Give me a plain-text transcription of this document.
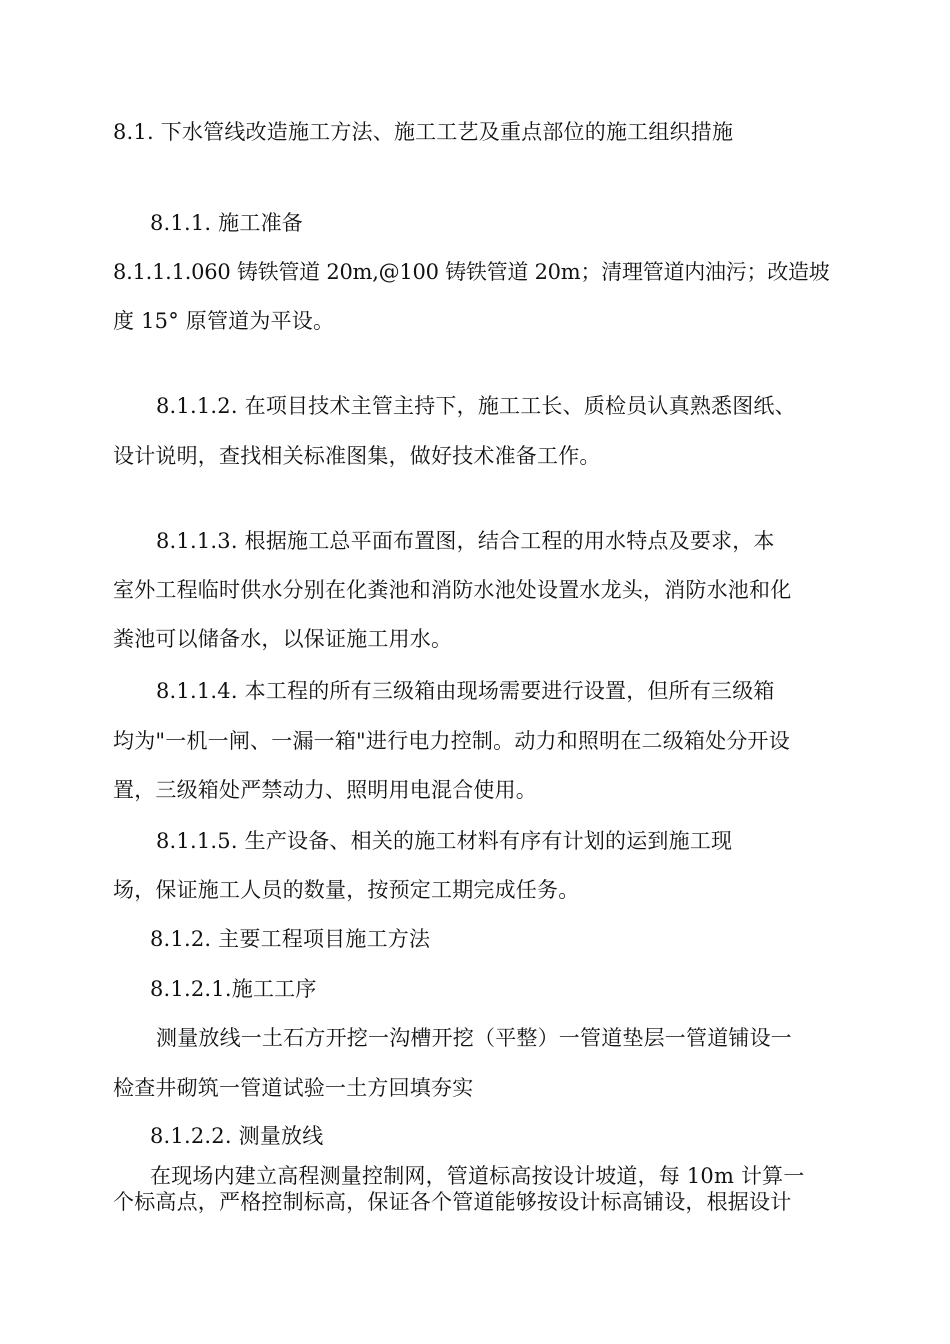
8.1. 下水管线改造施工方法、施工工艺及重点部位的施工组织措施
8.1.1. 施工准备
8.1.1.1.060 铸铁管道 20m,@100 铸铁管道 20m；清理管道内油污；改造坡
度 15° 原管道为平设。
8.1.1.2. 在项目技术主管主持下，施工工长、质检员认真熟悉图纸、
设计说明，查找相关标准图集，做好技术准备工作。
8.1.1.3. 根据施工总平面布置图，结合工程的用水特点及要求，本
室外工程临时供水分别在化粪池和消防水池处设置水龙头，消防水池和化
粪池可以储备水，以保证施工用水。
8.1.1.4. 本工程的所有三级箱由现场需要进行设置，但所有三级箱
均为"一机一闸、一漏一箱"进行电力控制。动力和照明在二级箱处分开设
置，三级箱处严禁动力、照明用电混合使用。
8.1.1.5. 生产设备、相关的施工材料有序有计划的运到施工现
场，保证施工人员的数量，按预定工期完成任务。
8.1.2. 主要工程项目施工方法
8.1.2.1.施工工序
测量放线一土石方开挖一沟槽开挖（平整）一管道垫层一管道铺设一
检查井砌筑一管道试验一土方回填夯实
8.1.2.2. 测量放线
在现场内建立高程测量控制网，管道标高按设计坡道，每 10m 计算一
个标高点，严格控制标高，保证各个管道能够按设计标高铺设，根据设计
